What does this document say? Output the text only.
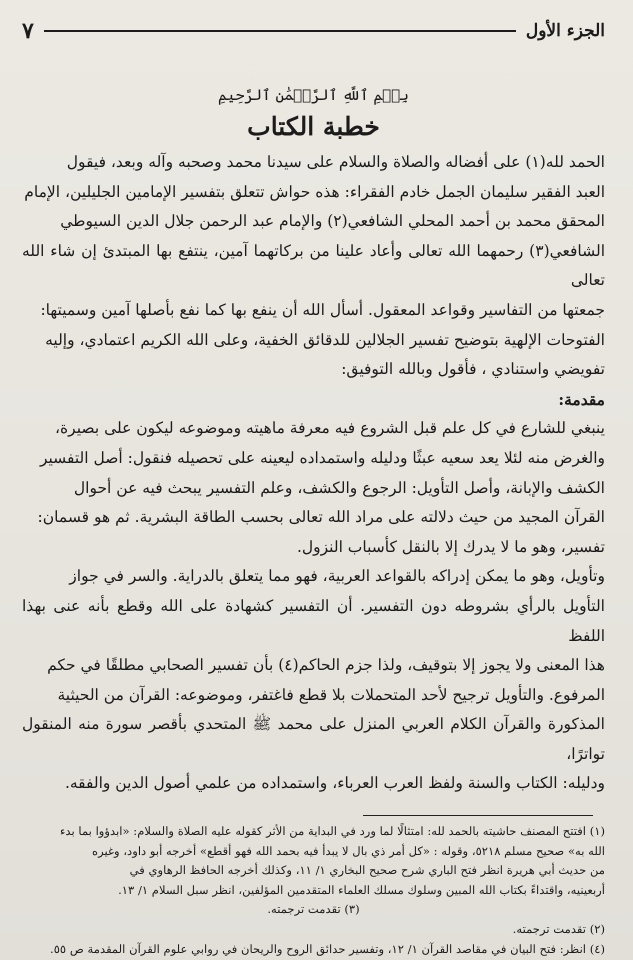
الجزء الأول
٧
بِسۡمِ ٱللَّهِ ٱلرَّحۡمَٰنِ ٱلرَّحِيمِ
خطبة الكتاب

الحمد لله(١) على أفضاله والصلاة والسلام على سيدنا محمد وصحبه وآله وبعد، فيقول
العبد الفقير سليمان الجمل خادم الفقراء: هذه حواش تتعلق بتفسير الإمامين الجليلين، الإمام
المحقق محمد بن أحمد المحلي الشافعي(٢) والإمام عبد الرحمن جلال الدين السيوطي
الشافعي(٣) رحمهما الله تعالى وأعاد علينا من بركاتهما آمين، ينتفع بها المبتدئ إن شاء الله تعالى
جمعتها من التفاسير وقواعد المعقول. أسأل الله أن ينفع بها كما نفع بأصلها آمين وسميتها:
الفتوحات الإلهية بتوضيح تفسير الجلالين للدقائق الخفية، وعلى الله الكريم اعتمادي، وإليه
تفويضي واستنادي ، فأقول وبالله التوفيق:

مقدمة:

ينبغي للشارع في كل علم قبل الشروع فيه معرفة ماهيته وموضوعه ليكون على بصيرة،
والغرض منه لئلا يعد سعيه عبثًا ودليله واستمداده ليعينه على تحصيله فنقول: أصل التفسير
الكشف والإبانة، وأصل التأويل: الرجوع والكشف، وعلم التفسير يبحث فيه عن أحوال
القرآن المجيد من حيث دلالته على مراد الله تعالى بحسب الطاقة البشرية. ثم هو قسمان:
تفسير، وهو ما لا يدرك إلا بالنقل كأسباب النزول.

وتأويل، وهو ما يمكن إدراكه بالقواعد العربية، فهو مما يتعلق بالدراية. والسر في جواز
التأويل بالرأي بشروطه دون التفسير. أن التفسير كشهادة على الله وقطع بأنه عنى بهذا اللفظ
هذا المعنى ولا يجوز إلا بتوقيف، ولذا جزم الحاكم(٤) بأن تفسير الصحابي مطلقًا في حكم
المرفوع. والتأويل ترجيح لأحد المتحملات بلا قطع فاغتفر، وموضوعه: القرآن من الحيثية
المذكورة والقرآن الكلام العربي المنزل على محمد ﷺ المتحدي بأقصر سورة منه المنقول تواترًا،
ودليله: الكتاب والسنة ولفظ العرب العرباء، واستمداده من علمي أصول الدين والفقه.

(١) افتتح المصنف حاشيته بالحمد لله: امتثالًا لما ورد في البداية من الأثر كقوله عليه الصلاة والسلام: «ابدؤوا بما بدء
الله به» صحيح مسلم ٥٢١٨، وقوله : «كل أمر ذي بال لا يبدأ فيه بحمد الله فهو أقطع» أخرجه أبو داود، وغيره
من حديث أبي هريرة انظر فتح الباري شرح صحيح البخاري ١/ ١١، وكذلك أخرجه الحافظ الرهاوي في
أربعينيه، واقتداءً بكتاب الله المبين وسلوك مسلك العلماء المتقدمين المؤلفين، انظر سبل السلام ١/ ١٣.

(٣) تقدمت ترجمته.

(٢) تقدمت ترجمته.

(٤) انظر: فتح البيان في مقاصد القرآن ١/ ١٢، وتفسير حدائق الروح والريحان في روابي علوم القرآن المقدمة ص ٥٥.
